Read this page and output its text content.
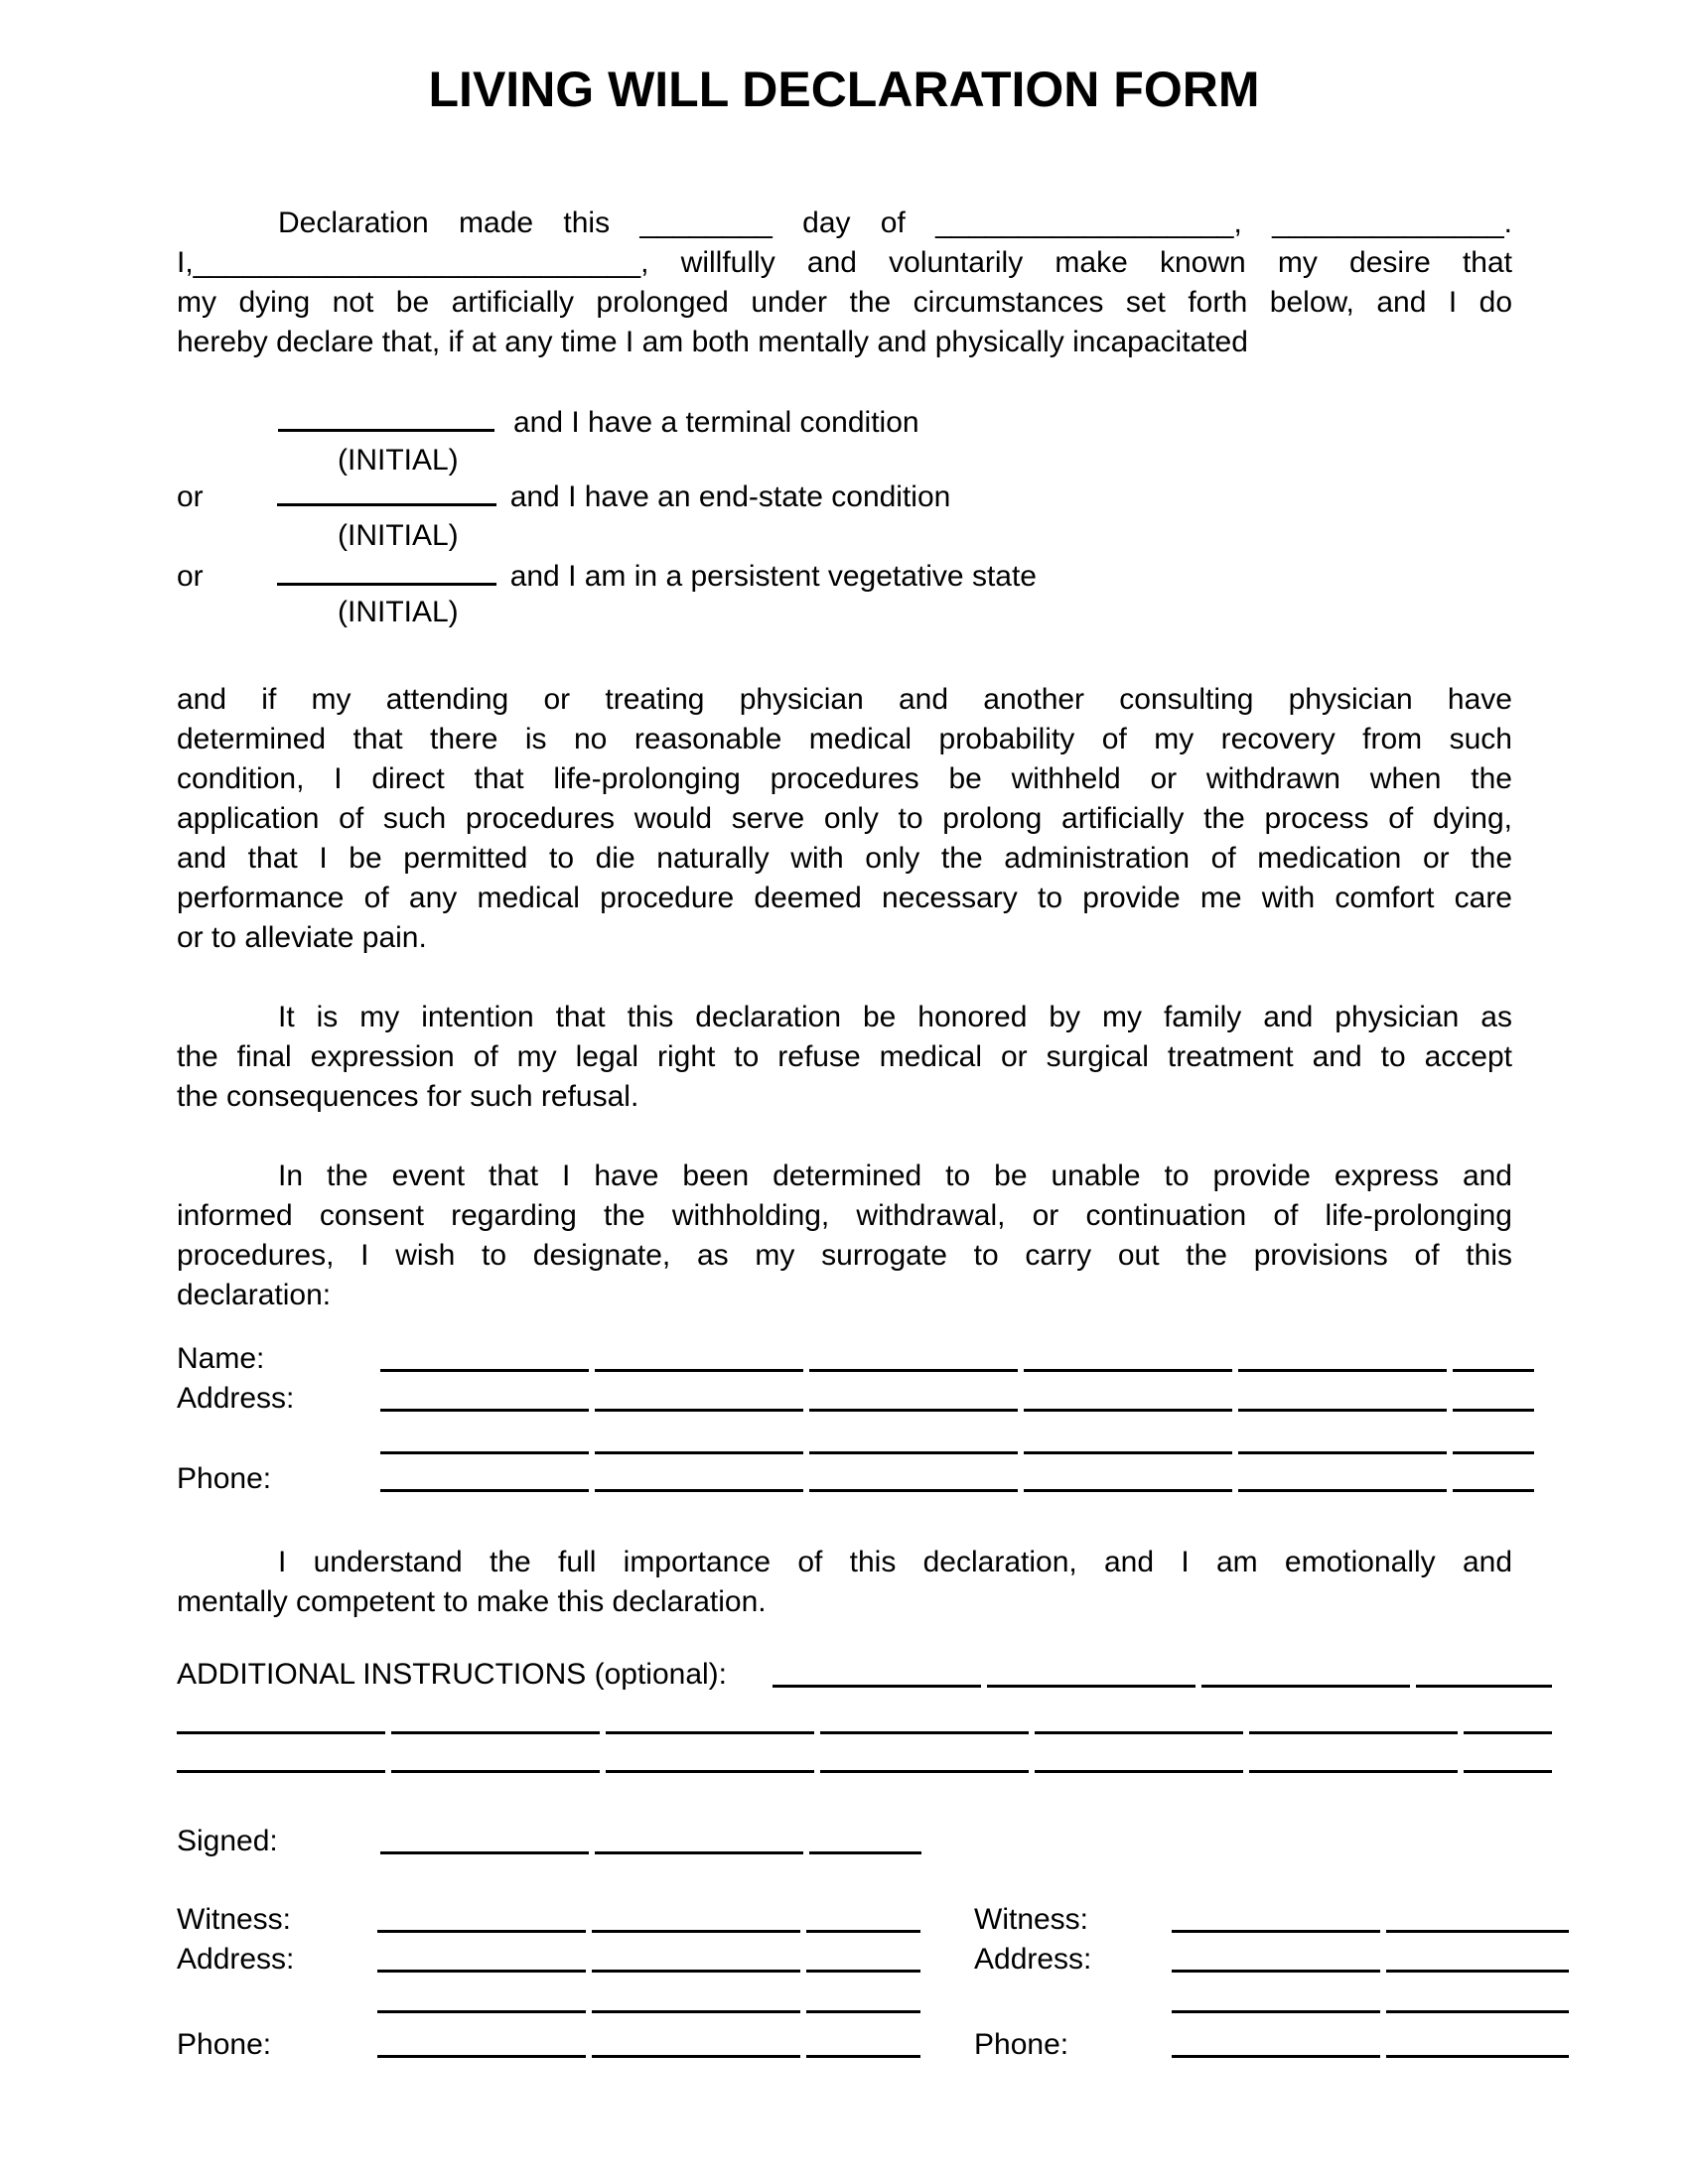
LIVING WILL DECLARATION FORM
Declaration made this ________ day of __________________, ______________.
I,___________________________, willfully and voluntarily make known my desire that
my dying not be artificially prolonged under the circumstances set forth below, and I do
hereby declare that, if at any time I am both mentally and physically incapacitated
and I have a terminal condition
(INITIAL)
or	and I have an end-state condition
(INITIAL)
or	and I am in a persistent vegetative state
(INITIAL)
and if my attending or treating physician and another consulting physician have
determined that there is no reasonable medical probability of my recovery from such
condition, I direct that life-prolonging procedures be withheld or withdrawn when the
application of such procedures would serve only to prolong artificially the process of dying,
and that I be permitted to die naturally with only the administration of medication or the
performance of any medical procedure deemed necessary to provide me with comfort care
or to alleviate pain.
It is my intention that this declaration be honored by my family and physician as
the final expression of my legal right to refuse medical or surgical treatment and to accept
the consequences for such refusal.
In the event that I have been determined to be unable to provide express and
informed consent regarding the withholding, withdrawal, or continuation of life-prolonging
procedures, I wish to designate, as my surrogate to carry out the provisions of this
declaration:
Name:
Address:
Phone:
I understand the full importance of this declaration, and I am emotionally and
mentally competent to make this declaration.
ADDITIONAL INSTRUCTIONS (optional):
Signed:
Witness:	Witness:
Address:	Address:
Phone:	Phone:
